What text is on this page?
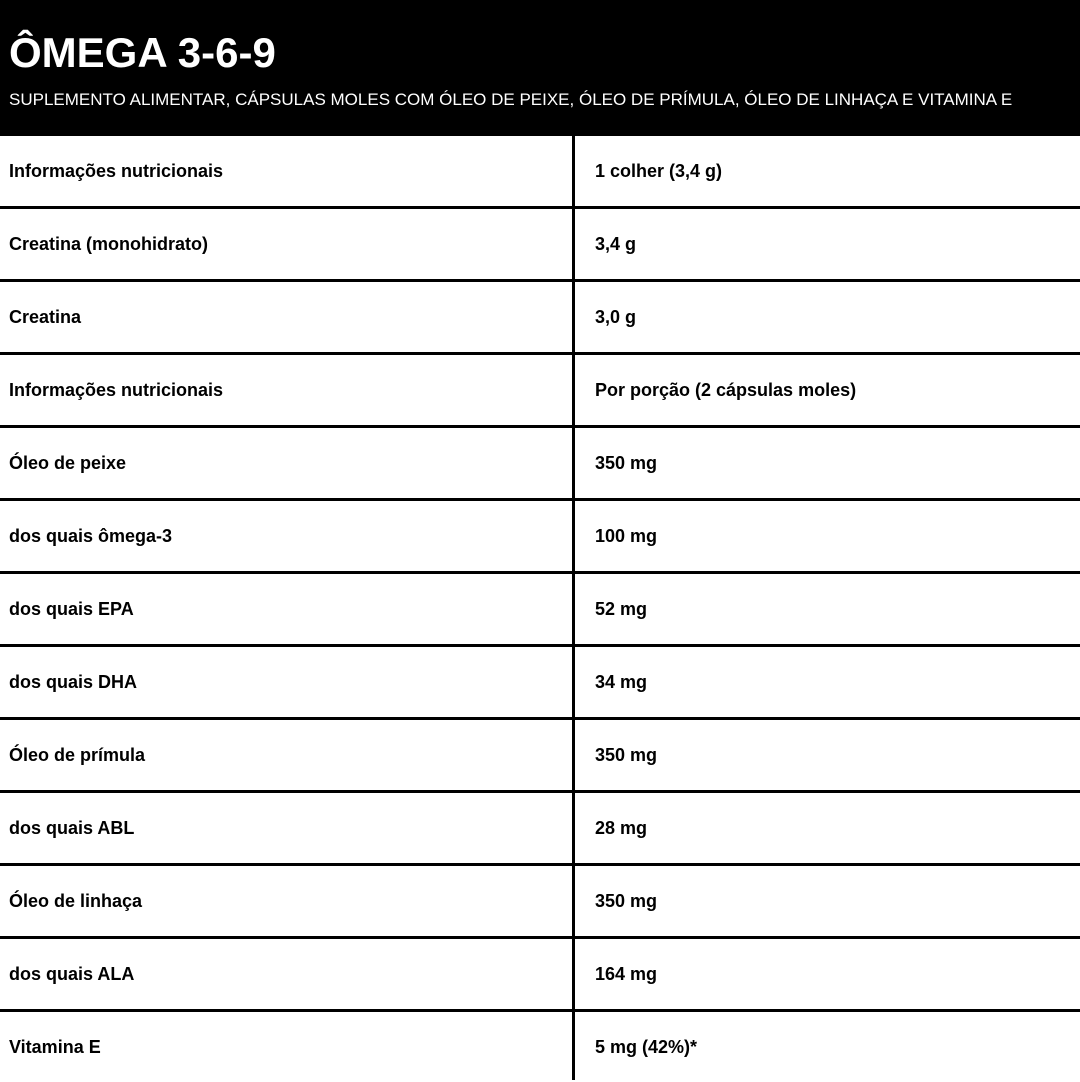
ÔMEGA 3-6-9

SUPLEMENTO ALIMENTAR, CÁPSULAS MOLES COM ÓLEO DE PEIXE, ÓLEO DE PRÍMULA, ÓLEO DE LINHAÇA E VITAMINA E

Informações nutricionais	1 colher (3,4 g)
Creatina (monohidrato)	3,4 g
Creatina	3,0 g
Informações nutricionais	Por porção (2 cápsulas moles)
Óleo de peixe	350 mg
dos quais ômega-3	100 mg
dos quais EPA	52 mg
dos quais DHA	34 mg
Óleo de prímula	350 mg
dos quais ABL	28 mg
Óleo de linhaça	350 mg
dos quais ALA	164 mg
Vitamina E	5 mg (42%)*
